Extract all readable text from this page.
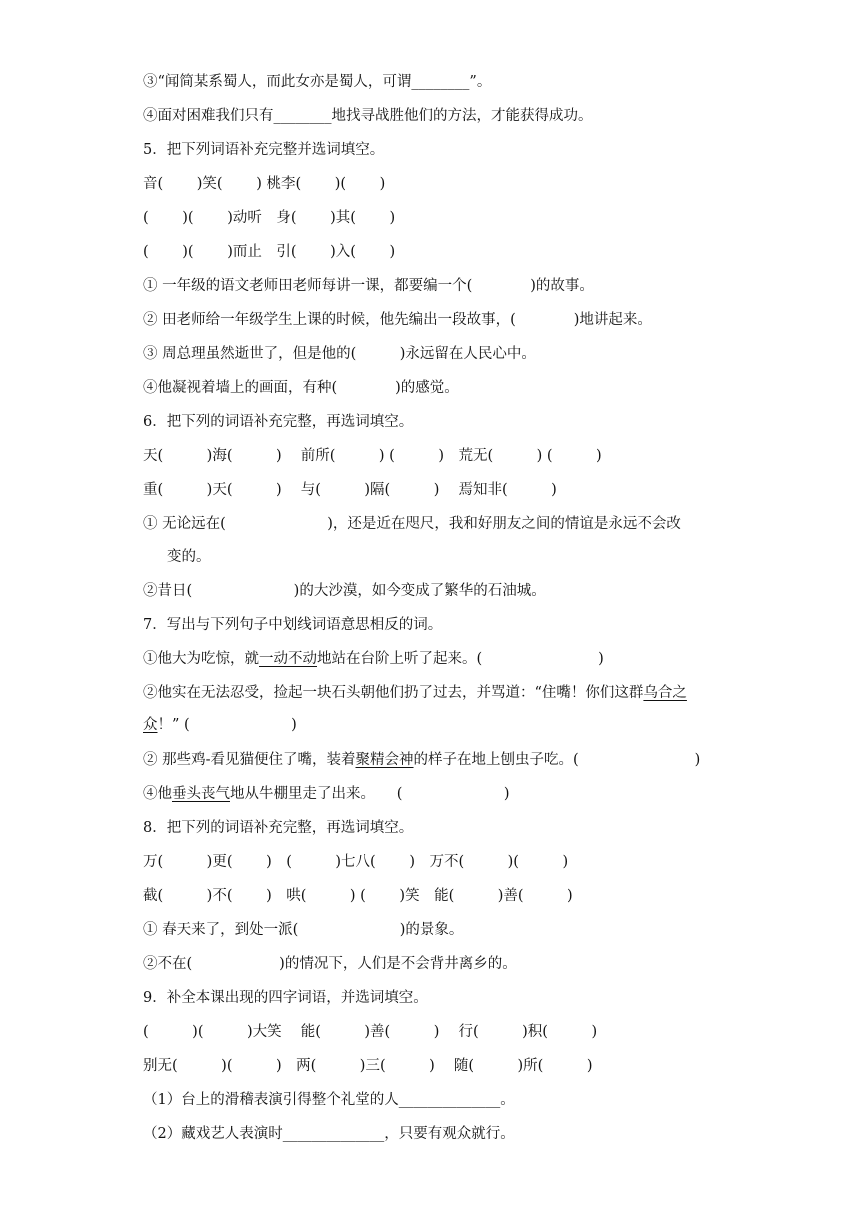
③“闻简某系蜀人，而此女亦是蜀人，可谓________”。
④面对困难我们只有________地找寻战胜他们的方法，才能获得成功。
5．把下列词语补充完整并选词填空。
音(　　 )笑(　　 ) 桃李(　　 )(　　 )
(　　 )(　　 )动听　身(　　 )其(　　 )
(　　 )(　　 )而止　引(　　 )入(　　 )
① 一年级的语文老师田老师每讲一课，都要编一个(　　　　)的故事。
② 田老师给一年级学生上课的时候，他先编出一段故事，(　　　　)地讲起来。
③ 周总理虽然逝世了，但是他的(　　　)永远留在人民心中。
④他凝视着墙上的画面，有种(　　　　)的感觉。
6．把下列的词语补充完整，再选词填空。
天(　　　)海(　　　)　 前所(　　　) (　　　)　荒无(　　　) (　　　)
重(　　　)天(　　　)　 与(　　　)隔(　　　)　 焉知非(　　　)
① 无论远在(　　　　　　　)，还是近在咫尺，我和好朋友之间的情谊是永远不会改
变的。
②昔日(　　　　　　　)的大沙漠，如今变成了繁华的石油城。
7．写出与下列句子中划线词语意思相反的词。
①他大为吃惊，就一动不动地站在台阶上听了起来。(　　　　　　　　)
②他实在无法忍受，捡起一块石头朝他们扔了过去，并骂道：“住嘴！你们这群乌合之
众！” (　　　　　　　)
② 那些鸡-看见猫便住了嘴，装着聚精会神的样子在地上刨虫子吃。(　　　　　　　　)
④他垂头丧气地从牛棚里走了出来。　　(　　　　　　　)
8．把下列的词语补充完整，再选词填空。
万(　　　)更(　　 )　(　　　)七八(　　 )　万不(　　　)(　　　)
截(　　　)不(　　 )　哄(　　　) (　　 )笑　能(　　　)善(　　　)
① 春天来了，到处一派(　　　　　　　)的景象。
②不在(　　　　　　)的情况下，人们是不会背井离乡的。
9．补全本课出现的四字词语，并选词填空。
(　　　)(　　　)大笑　 能(　　　)善(　　　)　 行(　　　)积(　　　)
别无(　　　)(　　　)　两(　　　)三(　　　)　 随(　　　)所(　　　)
（1）台上的滑稽表演引得整个礼堂的人______________。
（2）藏戏艺人表演时______________，只要有观众就行。
